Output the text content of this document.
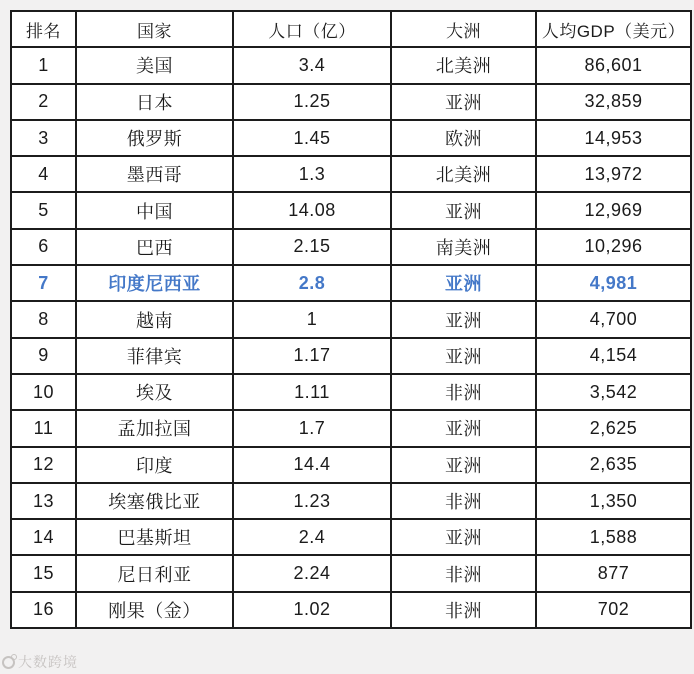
排名	国家	人口（亿）	大洲	人均GDP（美元）
1	美国	3.4	北美洲	86,601
2	日本	1.25	亚洲	32,859
3	俄罗斯	1.45	欧洲	14,953
4	墨西哥	1.3	北美洲	13,972
5	中国	14.08	亚洲	12,969
6	巴西	2.15	南美洲	10,296
7	印度尼西亚	2.8	亚洲	4,981
8	越南	1	亚洲	4,700
9	菲律宾	1.17	亚洲	4,154
10	埃及	1.11	非洲	3,542
11	孟加拉国	1.7	亚洲	2,625
12	印度	14.4	亚洲	2,635
13	埃塞俄比亚	1.23	非洲	1,350
14	巴基斯坦	2.4	亚洲	1,588
15	尼日利亚	2.24	非洲	877
16	刚果（金）	1.02	非洲	702
大数跨境
